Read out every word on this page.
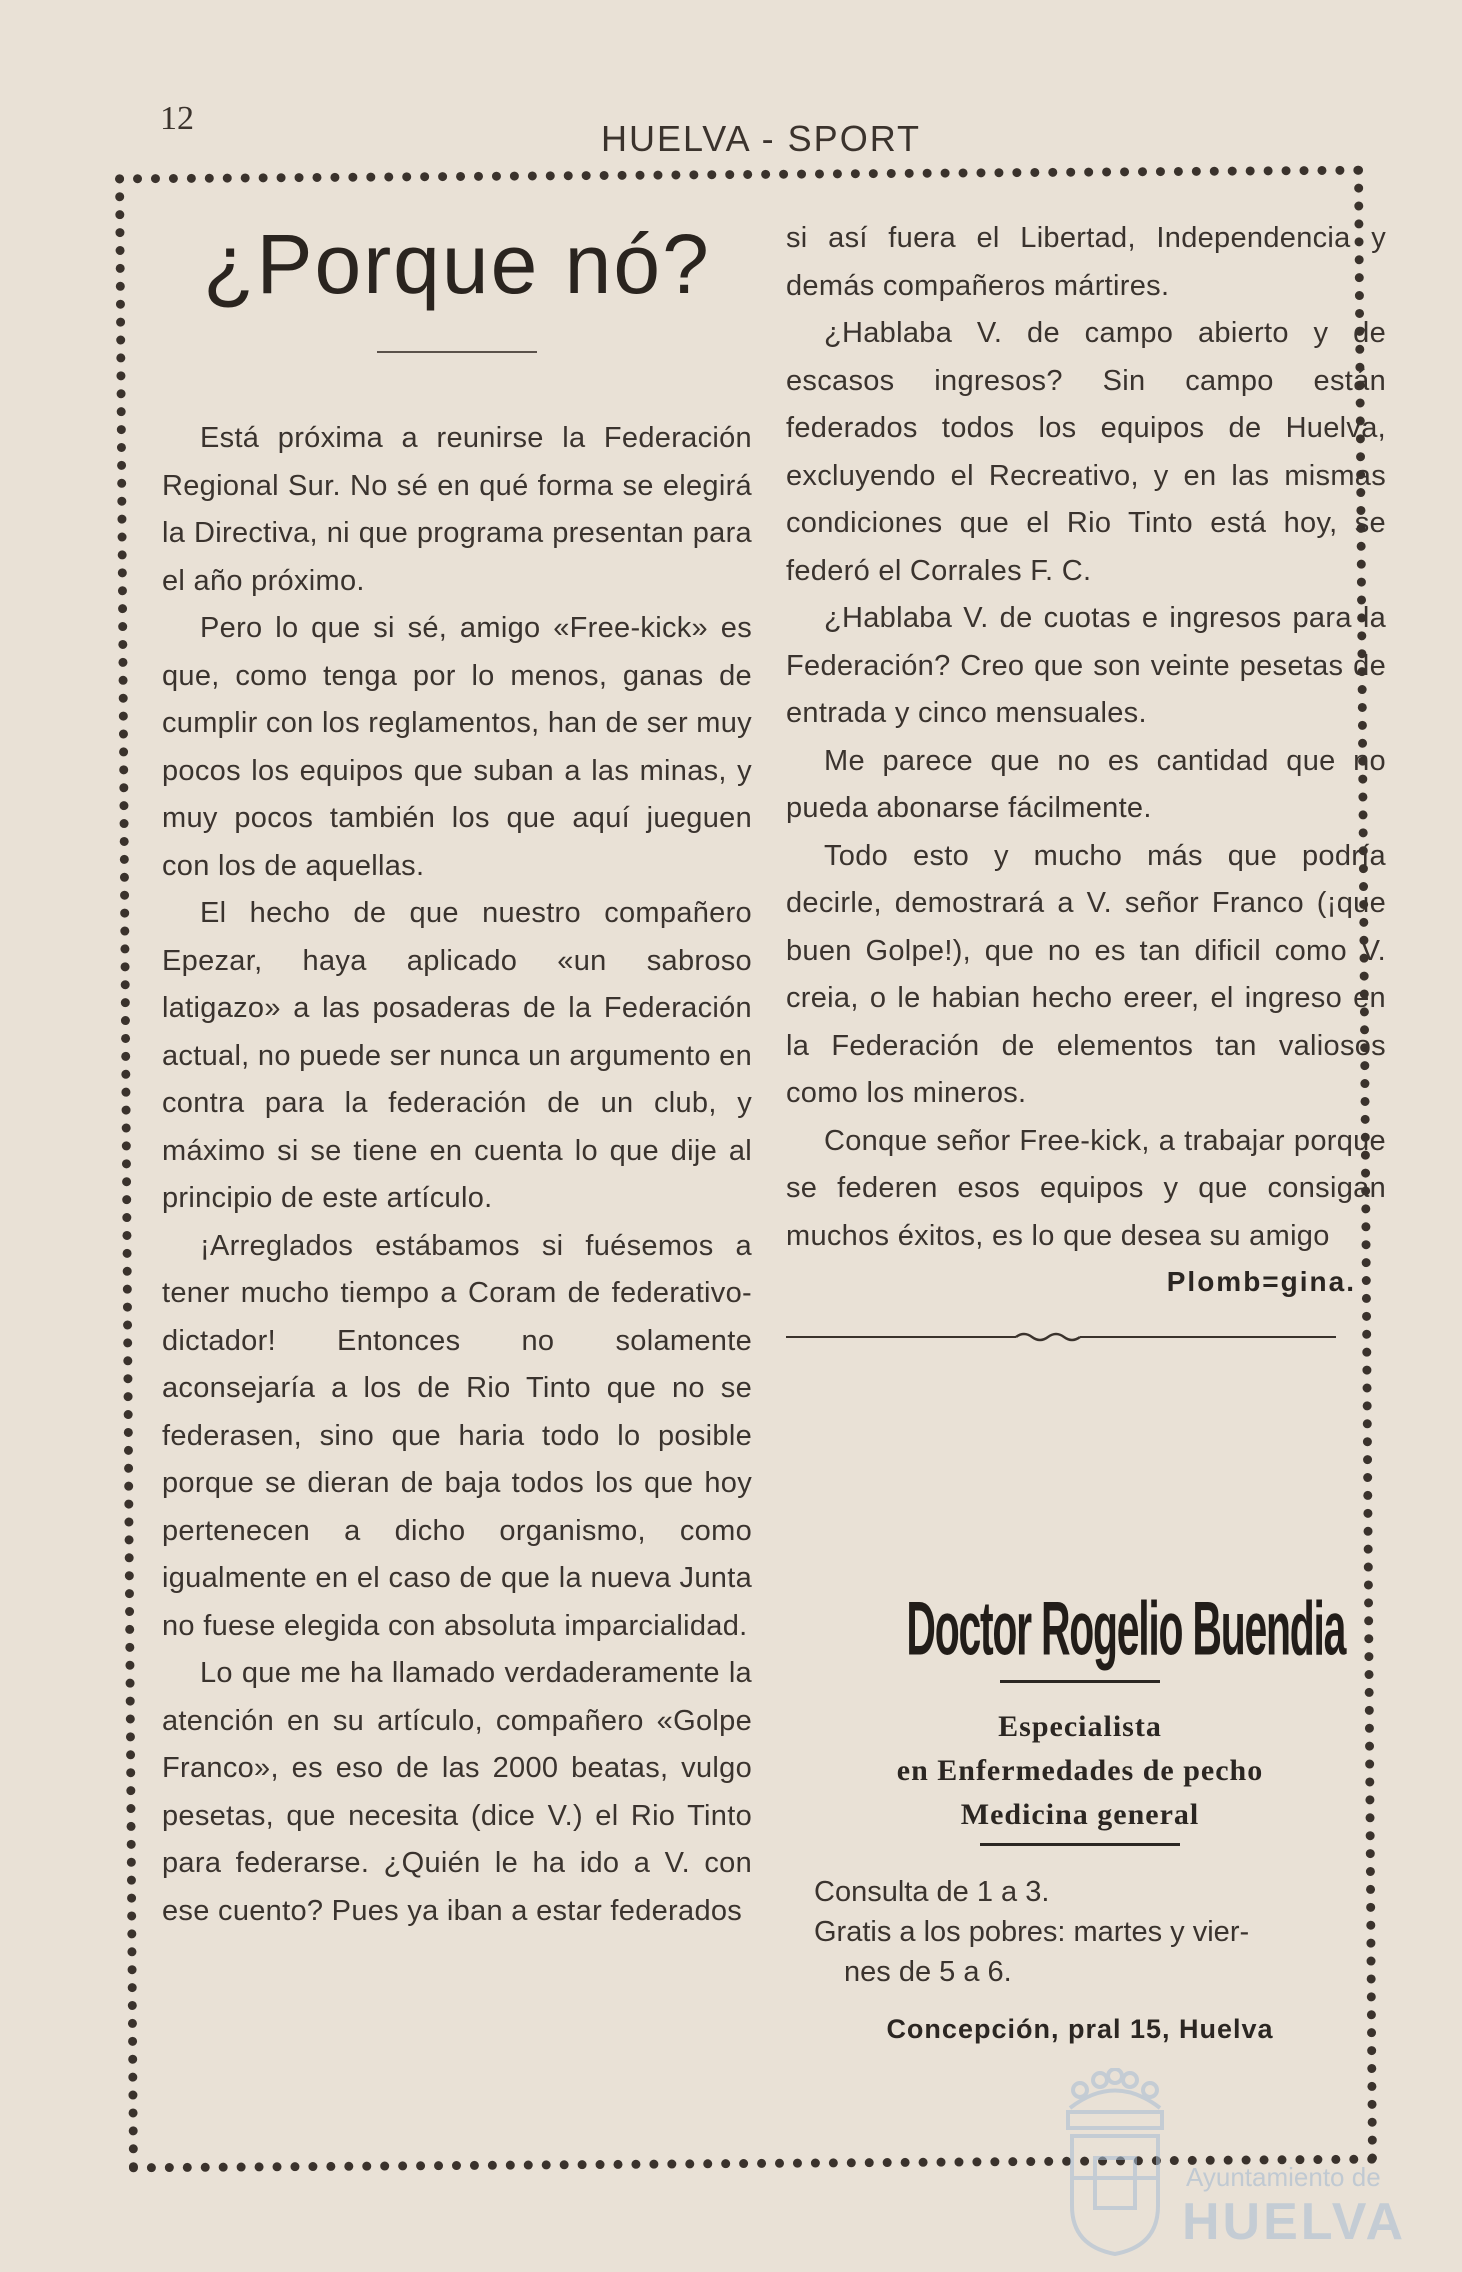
12	HUELVA - SPORT
¿Porque nó?

Está próxima a reunirse la Federación Regional Sur. No sé en qué forma se elegirá la Directiva, ni que programa presentan para el año próximo.

Pero lo que si sé, amigo «Free-kick» es que, como tenga por lo menos, ganas de cumplir con los reglamentos, han de ser muy pocos los equipos que suban a las minas, y muy pocos también los que aquí jueguen con los de aquellas.

El hecho de que nuestro compañero Epezar, haya aplicado «un sabroso latigazo» a las posaderas de la Federación actual, no puede ser nunca un argumento en contra para la federación de un club, y máximo si se tiene en cuenta lo que dije al principio de este artículo.

¡Arreglados estábamos si fuésemos a tener mucho tiempo a Coram de federativo-dictador! Entonces no solamente aconsejaría a los de Rio Tinto que no se federasen, sino que haria todo lo posible porque se dieran de baja todos los que hoy pertenecen a dicho organismo, como igualmente en el caso de que la nueva Junta no fuese elegida con absoluta imparcialidad.

Lo que me ha llamado verdaderamente la atención en su artículo, compañero «Golpe Franco», es eso de las 2000 beatas, vulgo pesetas, que necesita (dice V.) el Rio Tinto para federarse. ¿Quién le ha ido a V. con ese cuento? Pues ya iban a estar federados

si así fuera el Libertad, Independencia y demás compañeros mártires.

¿Hablaba V. de campo abierto y de escasos ingresos? Sin campo están federados todos los equipos de Huelva, excluyendo el Recreativo, y en las mismas condiciones que el Rio Tinto está hoy, se federó el Corrales F. C.

¿Hablaba V. de cuotas e ingresos para la Federación? Creo que son veinte pesetas de entrada y cinco mensuales.

Me parece que no es cantidad que no pueda abonarse fácilmente.

Todo esto y mucho más que podría decirle, demostrará a V. señor Franco (¡que buen Golpe!), que no es tan dificil como V. creia, o le habian hecho ereer, el ingreso en la Federación de elementos tan valiosos como los mineros.

Conque señor Free-kick, a trabajar porque se federen esos equipos y que consigan muchos éxitos, es lo que desea su amigo

Plomb=gina.
Doctor Rogelio Buendia
Especialista
en Enfermedades de pecho
Medicina general
Consulta de 1 a 3.
Gratis a los pobres: martes y vier-
nes de 5 a 6.
Concepción, pral 15, Huelva
Ayuntamiento de
HUELVA
